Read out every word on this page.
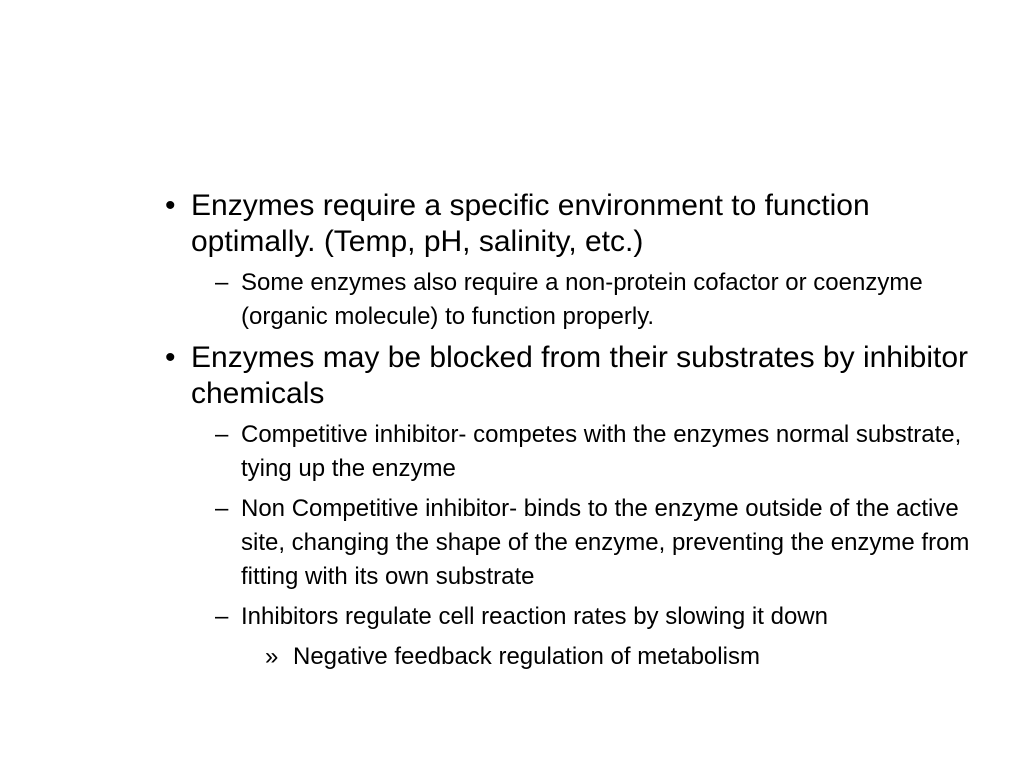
• Enzymes require a specific environment to function optimally. (Temp, pH, salinity, etc.)

– Some enzymes also require a non-protein cofactor or coenzyme (organic molecule) to function properly.

• Enzymes may be blocked from their substrates by inhibitor chemicals

– Competitive inhibitor- competes with the enzymes normal substrate, tying up the enzyme

– Non Competitive inhibitor- binds to the enzyme outside of the active site, changing the shape of the enzyme, preventing the enzyme from fitting with its own substrate

– Inhibitors regulate cell reaction rates by slowing it down

» Negative feedback regulation of metabolism
